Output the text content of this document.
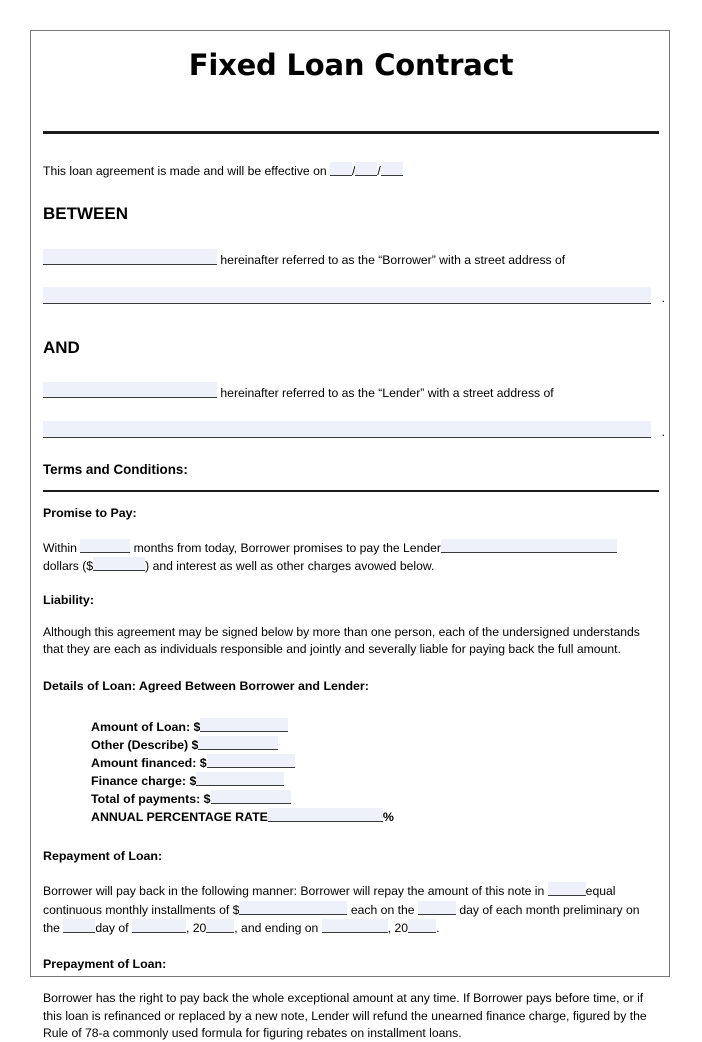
Fixed Loan Contract
This loan agreement is made and will be effective on / /
BETWEEN
hereinafter referred to as the “Borrower” with a street address of
.
AND
hereinafter referred to as the “Lender” with a street address of
.
Terms and Conditions:
Promise to Pay:
Within	months from today, Borrower promises to pay the Lender
dollars ($	) and interest as well as other charges avowed below.
Liability:
Although this agreement may be signed below by more than one person, each of the undersigned understands that they are each as individuals responsible and jointly and severally liable for paying back the full amount.
Details of Loan: Agreed Between Borrower and Lender:
Amount of Loan: $
Other (Describe) $
Amount financed: $
Finance charge: $
Total of payments: $
ANNUAL PERCENTAGE RATE	%
Repayment of Loan:
Borrower will pay back in the following manner: Borrower will repay the amount of this note in	equal continuous monthly installments of $	each on the	day of each month preliminary on the	day of	, 20 , and ending on	, 20 .
Prepayment of Loan:
Borrower has the right to pay back the whole exceptional amount at any time. If Borrower pays before time, or if this loan is refinanced or replaced by a new note, Lender will refund the unearned finance charge, figured by the Rule of 78-a commonly used formula for figuring rebates on installment loans.
